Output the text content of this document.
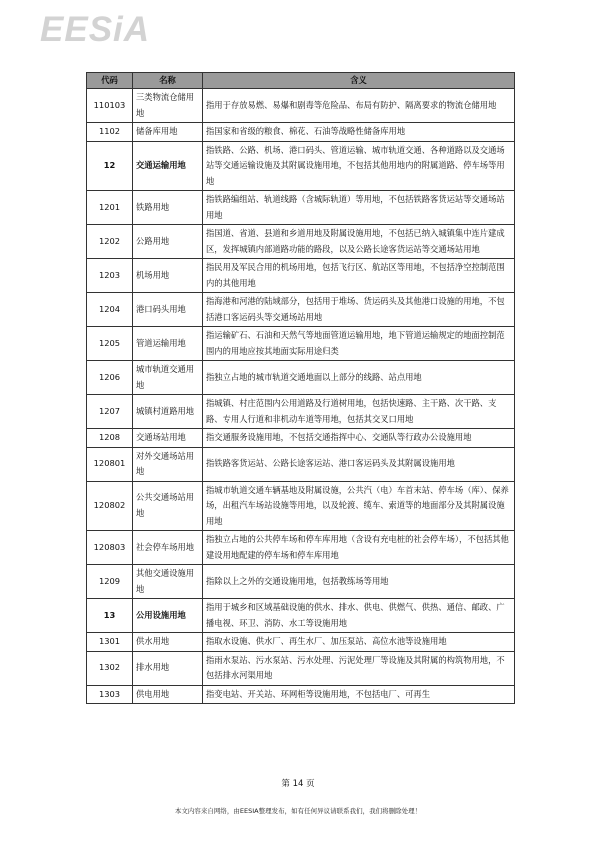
EESiA
代码	名称	含义
110103	三类物流仓储用地	指用于存放易燃、易爆和剧毒等危险品、布局有防护、隔离要求的物流仓储用地
1102	储备库用地	指国家和省级的粮食、棉花、石油等战略性储备库用地
12	交通运输用地	指铁路、公路、机场、港口码头、管道运输、城市轨道交通、各种道路以及交通场站等交通运输设施及其附属设施用地，不包括其他用地内的附属道路、停车场等用地
1201	铁路用地	指铁路编组站、轨道线路（含城际轨道）等用地，不包括铁路客货运站等交通场站用地
1202	公路用地	指国道、省道、县道和乡道用地及附属设施用地，不包括已纳入城镇集中连片建成区，发挥城镇内部道路功能的路段，以及公路长途客货运站等交通场站用地
1203	机场用地	指民用及军民合用的机场用地，包括飞行区、航站区等用地，不包括净空控制范围内的其他用地
1204	港口码头用地	指海港和河港的陆域部分，包括用于堆场、货运码头及其他港口设施的用地，不包括港口客运码头等交通场站用地
1205	管道运输用地	指运输矿石、石油和天然气等地面管道运输用地，地下管道运输规定的地面控制范围内的用地应按其地面实际用途归类
1206	城市轨道交通用地	指独立占地的城市轨道交通地面以上部分的线路、站点用地
1207	城镇村道路用地	指城镇、村庄范围内公用道路及行道树用地，包括快速路、主干路、次干路、支路、专用人行道和非机动车道等用地，包括其交叉口用地
1208	交通场站用地	指交通服务设施用地，不包括交通指挥中心、交通队等行政办公设施用地
120801	对外交通场站用地	指铁路客货运站、公路长途客运站、港口客运码头及其附属设施用地
120802	公共交通场站用地	指城市轨道交通车辆基地及附属设施，公共汽（电）车首末站、停车场（库）、保养场，出租汽车场站设施等用地，以及轮渡、缆车、索道等的地面部分及其附属设施用地
120803	社会停车场用地	指独立占地的公共停车场和停车库用地（含设有充电桩的社会停车场），不包括其他建设用地配建的停车场和停车库用地
1209	其他交通设施用地	指除以上之外的交通设施用地，包括教练场等用地
13	公用设施用地	指用于城乡和区域基础设施的供水、排水、供电、供燃气、供热、通信、邮政、广播电视、环卫、消防、水工等设施用地
1301	供水用地	指取水设施、供水厂、再生水厂、加压泵站、高位水池等设施用地
1302	排水用地	指雨水泵站、污水泵站、污水处理、污泥处理厂等设施及其附属的构筑物用地，不包括排水河渠用地
1303	供电用地	指变电站、开关站、环网柜等设施用地，不包括电厂、可再生
第 14 页
本文内容来自网络，由EESIA整理发布，如有任何异议请联系我们，我们将删除处理！
